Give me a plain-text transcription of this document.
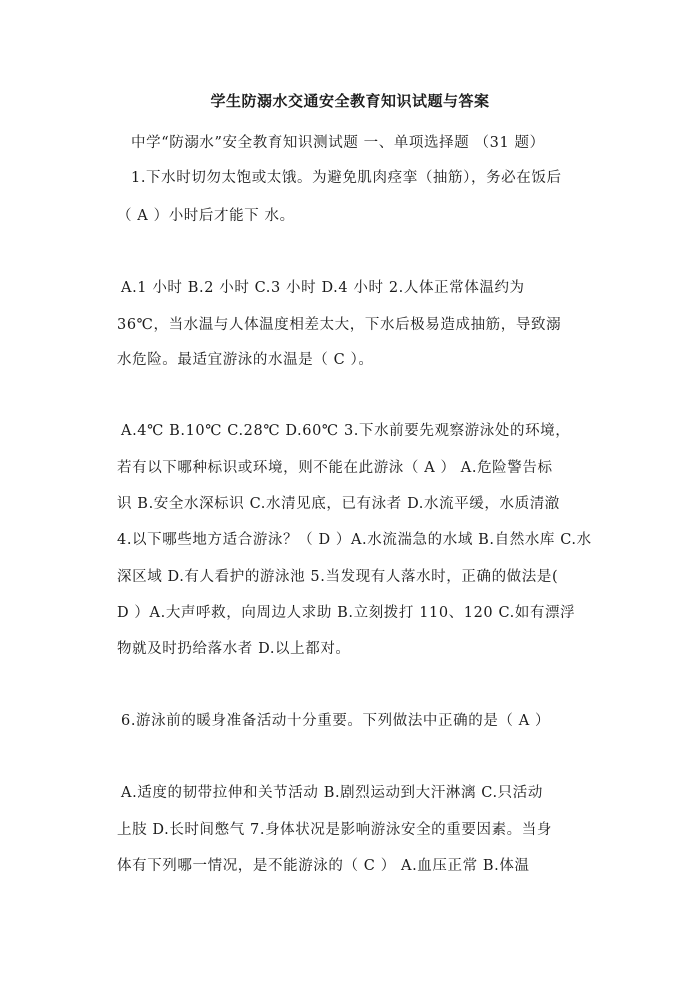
学生防溺水交通安全教育知识试题与答案
中学“防溺水”安全教育知识测试题 一、单项选择题 （31 题）
1.下水时切勿太饱或太饿。为避免肌肉痉挛（抽筋），务必在饭后
（ A ）小时后才能下 水。
A.1 小时 B.2 小时 C.3 小时 D.4 小时 2.人体正常体温约为
36℃，当水温与人体温度相差太大，下水后极易造成抽筋，导致溺
水危险。最适宜游泳的水温是（ C ）。
A.4℃ B.10℃ C.28℃ D.60℃ 3.下水前要先观察游泳处的环境，
若有以下哪种标识或环境，则不能在此游泳（ A ） A.危险警告标
识 B.安全水深标识 C.水清见底，已有泳者 D.水流平缓，水质清澈
4.以下哪些地方适合游泳？（ D ）A.水流湍急的水域 B.自然水库 C.水
深区域 D.有人看护的游泳池 5.当发现有人落水时，正确的做法是(
D ）A.大声呼救，向周边人求助 B.立刻拨打 110、120 C.如有漂浮
物就及时扔给落水者 D.以上都对。
6.游泳前的暖身准备活动十分重要。下列做法中正确的是（ A ）
A.适度的韧带拉伸和关节活动 B.剧烈运动到大汗淋漓 C.只活动
上肢 D.长时间憋气 7.身体状况是影响游泳安全的重要因素。当身
体有下列哪一情况，是不能游泳的（ C ） A.血压正常 B.体温
